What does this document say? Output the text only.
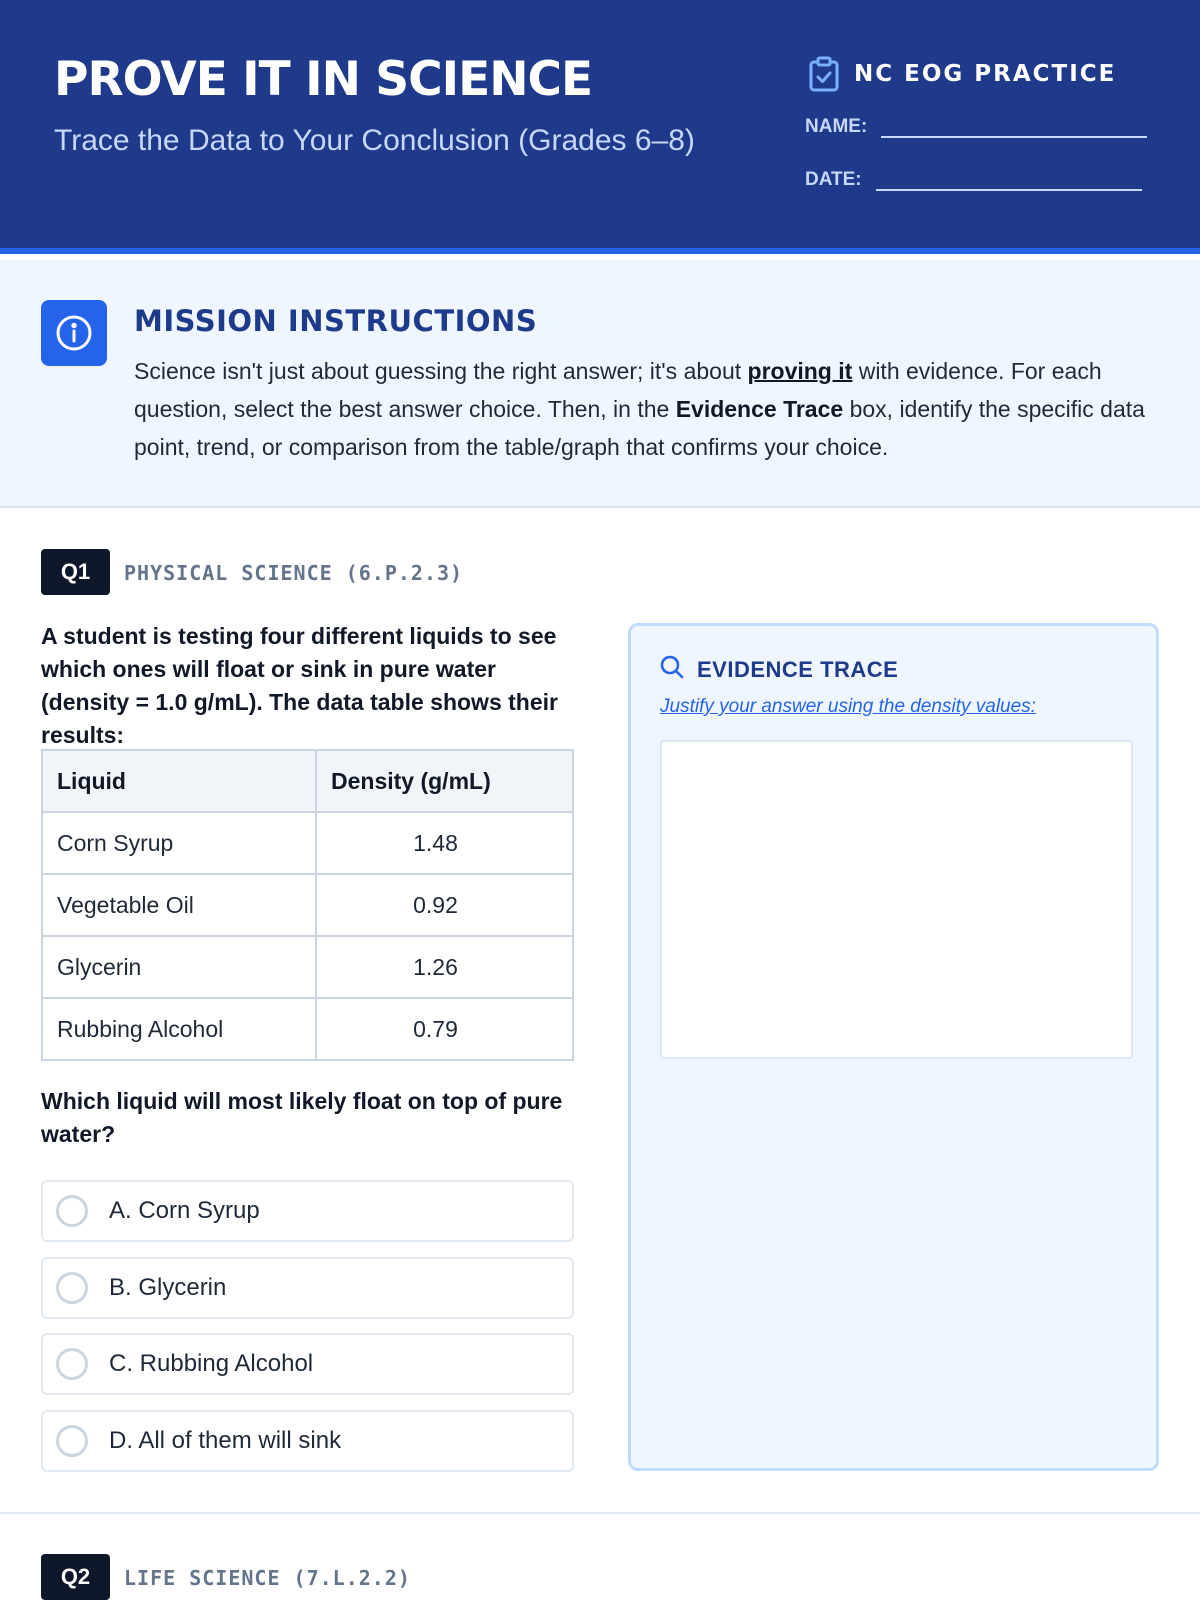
PROVE IT IN SCIENCE
Trace the Data to Your Conclusion (Grades 6–8)
NC EOG PRACTICE
NAME:
DATE:
MISSION INSTRUCTIONS
Science isn't just about guessing the right answer; it's about proving it with evidence. For each question, select the best answer choice. Then, in the Evidence Trace box, identify the specific data point, trend, or comparison from the table/graph that confirms your choice.
Q1	PHYSICAL SCIENCE (6.P.2.3)
A student is testing four different liquids to see which ones will float or sink in pure water (density = 1.0 g/mL). The data table shows their results:
Liquid	Density (g/mL)
Corn Syrup	1.48
Vegetable Oil	0.92
Glycerin	1.26
Rubbing Alcohol	0.79
Which liquid will most likely float on top of pure water?
A. Corn Syrup
B. Glycerin
C. Rubbing Alcohol
D. All of them will sink
EVIDENCE TRACE
Justify your answer using the density values:
Q2	LIFE SCIENCE (7.L.2.2)
